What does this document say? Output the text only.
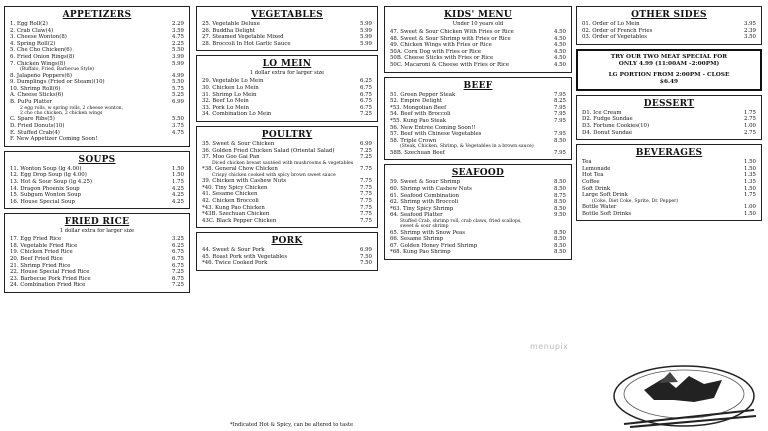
APPETIZERS
1. Egg Roll(2)	2.29
2. Crab Claw(4)	3.59
3. Cheese Wonton(8)	4.75
4. Spring Roll(2)	2.25
5. Che Cho Chicken(6)	5.50
6. Fried Onion Rings(8)	3.99
7. Chicken Wings(8)	5.99
(Buffalo, Fried, Barbecue Style)
8. Jalapeño Poppers(6)	4.99
9. Dumplings (Fried or Steam)(10)	5.50
10. Shrimp Roll(6)	5.75
A. Cheese Sticks(6)	5.25
B. PuPu Platter	6.99
2 egg rolls, w spring rolls, 2 cheese wonton,
2 cho cho chicken, 2 chicken wings
C. Spare Ribs(5)	5.50
D. Fried Donuts(10)	3.75
E. Stuffed Crab(4)	4.75
F. New Appetizer Coming Soon!
SOUPS
11. Wonton Soup (lg 4.00)	1.50
12. Egg Drop Soup (lg 4.00)	1.50
13. Hot & Sour Soup (lg 4.25)	1.75
14. Dragon Phoenix Soup	4.25
15. Subgum Wonton Soup	4.25
16. House Special Soup	4.25
FRIED RICE
1 dollar extra for larger size
17. Egg Fried Rice	3.25
18. Vegetable Fried Rice	6.25
19. Chicken Fried Rice	6.75
20. Beef Fried Rice	6.75
21. Shrimp Fried Rice	6.75
22. House Special Fried Rice	7.25
23. Barbecue Pork Fried Rice	6.75
24. Combination Fried Rice	7.25
VEGETABLES
25. Vegetable Deluxe	5.99
26. Buddha Delight	5.99
27. Steamed Vegetable Mixed	5.99
28. Broccoli In Hot Garlic Sauce	5.99
LO MEIN
1 dollar extra for larger size
29. Vegetable Lo Mein	6.25
30. Chicken Lo Mein	6.75
31. Shrimp Lo Mein	6.75
32. Beef Lo Mein	6.75
33. Pork Lo Mein	6.75
34. Combination Lo Mein	7.25
POULTRY
35. Sweet & Sour Chicken	6.99
36. Golden Fried Chicken Salad (Oriental Salad)	7.25
37. Moo Goo Gai Pan	7.25
Diced chicken breast sautéed with mushrooms & vegetables
*38. General Chow Chicken	7.75
Crispy chicken cooked with spicy brown sweet sauce
39. Chicken with Cashew Nuts	7.75
*40. Tiny Spicy Chicken	7.75
41. Sesame Chicken	7.75
42. Chicken Broccoli	7.75
*43. Kung Pao Chicken	7.75
*43B. Szechuan Chicken	7.75
43C. Black Pepper Chicken	7.75
PORK
44. Sweet & Sour Pork	6.99
45. Roast Pork with Vegetables	7.50
*46. Twice Cooked Pork	7.50
KIDS' MENU
Under 10 years old
47. Sweet & Sour Chicken With Fries or Rice	4.50
48. Sweet & Sour Shrimp with Fries or Rice	4.50
49. Chicken Wings with Fries or Rice	4.50
50A. Corn Dog with Fries or Rice	4.50
50B. Cheese Sticks with Fries or Rice	4.50
50C. Macaroni & Cheese with Fries or Rice	4.50
BEEF
51. Green Pepper Steak	7.95
52. Empire Delight	8.25
*53. Mongolian Beef	7.95
54. Beef with Broccoli	7.95
*55. Kung Pao Steak	7.95
56. New Entrée Coming Soon!!
57. Beef with Chinese Vegetables	7.95
58. Triple Crown	8.50
(Steak, Chicken, Shrimp, & Vegetables in a brown sauce)
58B. Szechuan Beef	7.95
SEAFOOD
59. Sweet & Sour Shrimp	8.50
60. Shrimp with Cashew Nuts	8.50
61. Seafood Combination	8.75
62. Shrimp with Broccoli	8.50
*63. Tiny Spicy Shrimp	8.50
64. Seafood Platter	9.50
Stuffed Crab, shrimp roll, crab claws, fried scallops,
sweet & sour shrimp
65. Shrimp with Snow Peas	8.50
66. Sesame Shrimp	8.50
67. Golden Honey Fried Shrimp	8.50
*68. Kung Pao Shrimp	8.50
OTHER SIDES
01. Order of Lo Mein	3.95
02. Order of French Fries	2.39
03. Order of Vegetables	3.50
TRY OUR TWO MEAT SPECIAL FOR
ONLY 4.99 (11:00AM -2:00PM)
LG PORTION FROM 2:00PM - CLOSE
$6.49
DESSERT
D1. Ice Cream	1.75
D2. Fudge Sundae	2.75
D3. Fortune Cookies(10)	1.00
D4. Donut Sundae	2.75
BEVERAGES
Tea	1.50
Lemonade	1.50
Hot Tea	1.35
Coffee	1.35
Soft Drink	1.50
Large Soft Drink	1.75
(Coke, Diet Coke, Sprite, Dr. Pepper)
Bottle Water	1.00
Bottle Soft Drinks	1.50
menupix
*Indicated Hot & Spicy, can be altered to taste
